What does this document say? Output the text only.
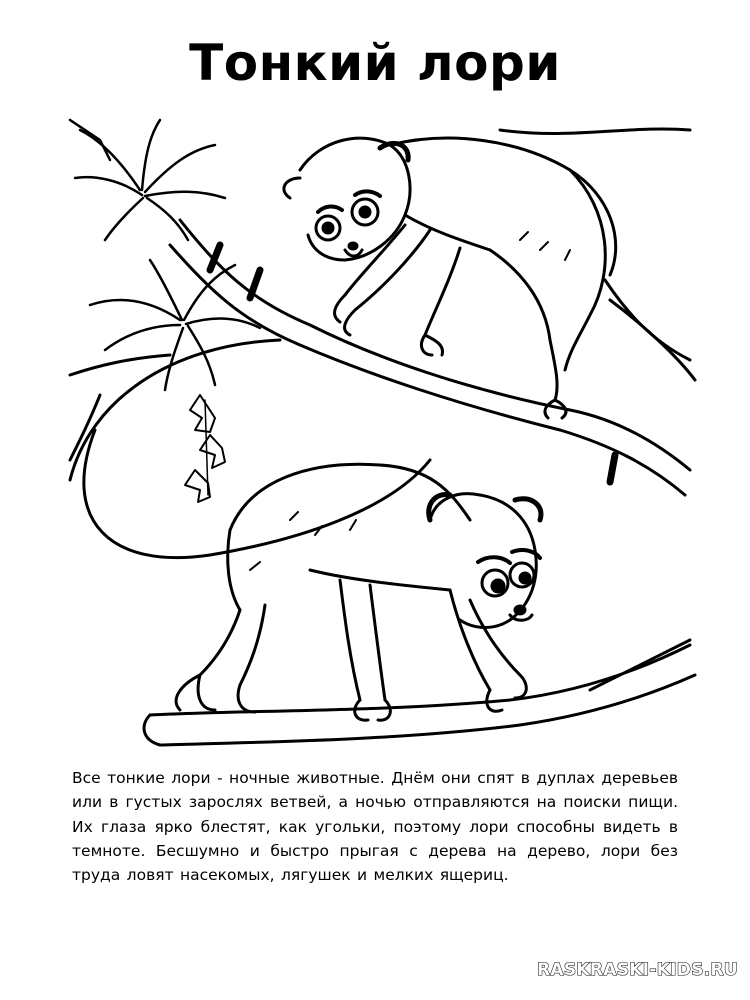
Тонкий лори

Все тонкие лори - ночные животные. Днём они спят в дуплах деревьев или в густых зарослях ветвей, а ночью отправляются на поиски пищи. Их глаза ярко блестят, как угольки, поэтому лори способны видеть в темноте. Бесшумно и быстро прыгая с дерева на дерево, лори без труда ловят насекомых, лягушек и мелких ящериц.

RASKRASKI-KIDS.RU
